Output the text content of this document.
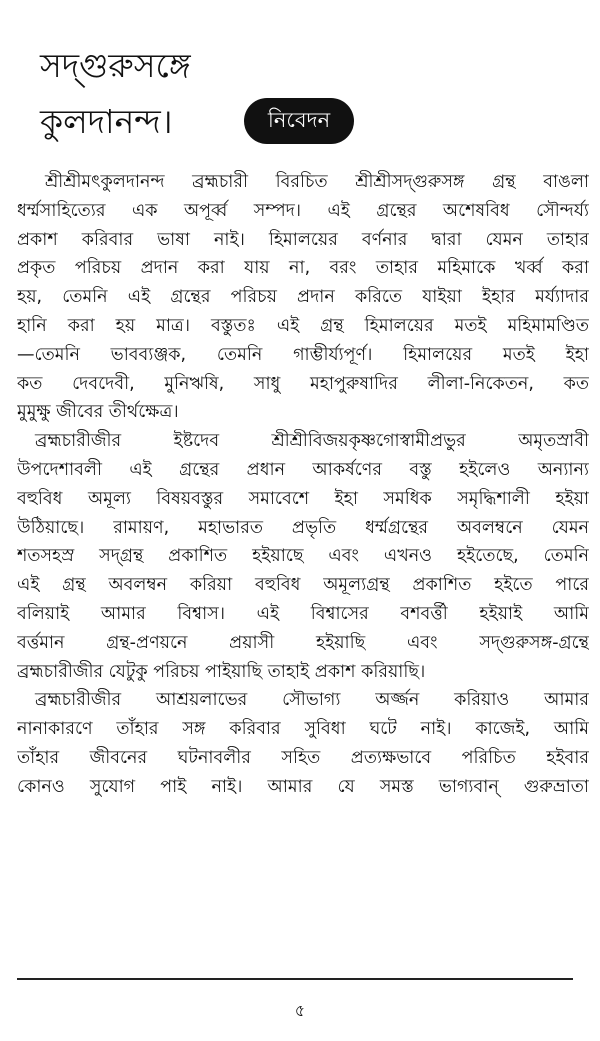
সদ্গুরুসঙ্গে
কুলদানন্দ।	নিবেদন
শ্রীশ্রীমৎকুলদানন্দ ব্রহ্মচারী বিরচিত শ্রীশ্রীসদ্গুরুসঙ্গ গ্রন্থ বাঙলা
ধর্ম্মসাহিত্যের এক অপূর্ব্ব সম্পদ। এই গ্রন্থের অশেষবিধ সৌন্দর্য্য
প্রকাশ করিবার ভাষা নাই। হিমালয়ের বর্ণনার দ্বারা যেমন তাহার
প্রকৃত পরিচয় প্রদান করা যায় না, বরং তাহার মহিমাকে খর্ব্ব করা
হয়, তেমনি এই গ্রন্থের পরিচয় প্রদান করিতে যাইয়া ইহার মর্য্যাদার
হানি করা হয় মাত্র। বস্তুতঃ এই গ্রন্থ হিমালয়ের মতই মহিমামণ্ডিত
—তেমনি ভাবব্যঞ্জক, তেমনি গাম্ভীর্য্যপূর্ণ। হিমালয়ের মতই ইহা
কত দেবদেবী, মুনিঋষি, সাধু মহাপুরুষাদির লীলা-নিকেতন, কত
মুমুক্ষু জীবের তীর্থক্ষেত্র।
ব্রহ্মচারীজীর ইষ্টদেব শ্রীশ্রীবিজয়কৃষ্ণগোস্বামীপ্রভুর অমৃতস্রাবী
উপদেশাবলী এই গ্রন্থের প্রধান আকর্ষণের বস্তু হইলেও অন্যান্য
বহুবিধ অমূল্য বিষয়বস্তুর সমাবেশে ইহা সমধিক সমৃদ্ধিশালী হইয়া
উঠিয়াছে। রামায়ণ, মহাভারত প্রভৃতি ধর্ম্মগ্রন্থের অবলম্বনে যেমন
শতসহস্র সদ্গ্রন্থ প্রকাশিত হইয়াছে এবং এখনও হইতেছে, তেমনি
এই গ্রন্থ অবলম্বন করিয়া বহুবিধ অমূল্যগ্রন্থ প্রকাশিত হইতে পারে
বলিয়াই আমার বিশ্বাস। এই বিশ্বাসের বশবর্ত্তী হইয়াই আমি
বর্ত্তমান গ্রন্থ-প্রণয়নে প্রয়াসী হইয়াছি এবং সদ্গুরুসঙ্গ-গ্রন্থে
ব্রহ্মচারীজীর যেটুকু পরিচয় পাইয়াছি তাহাই প্রকাশ করিয়াছি।
ব্রহ্মচারীজীর আশ্রয়লাভের সৌভাগ্য অর্জ্জন করিয়াও আমার
নানাকারণে তাঁহার সঙ্গ করিবার সুবিধা ঘটে নাই। কাজেই, আমি
তাঁহার জীবনের ঘটনাবলীর সহিত প্রত্যক্ষভাবে পরিচিত হইবার
কোনও সুযোগ পাই নাই। আমার যে সমস্ত ভাগ্যবান্ গুরুভ্রাতা
৫
